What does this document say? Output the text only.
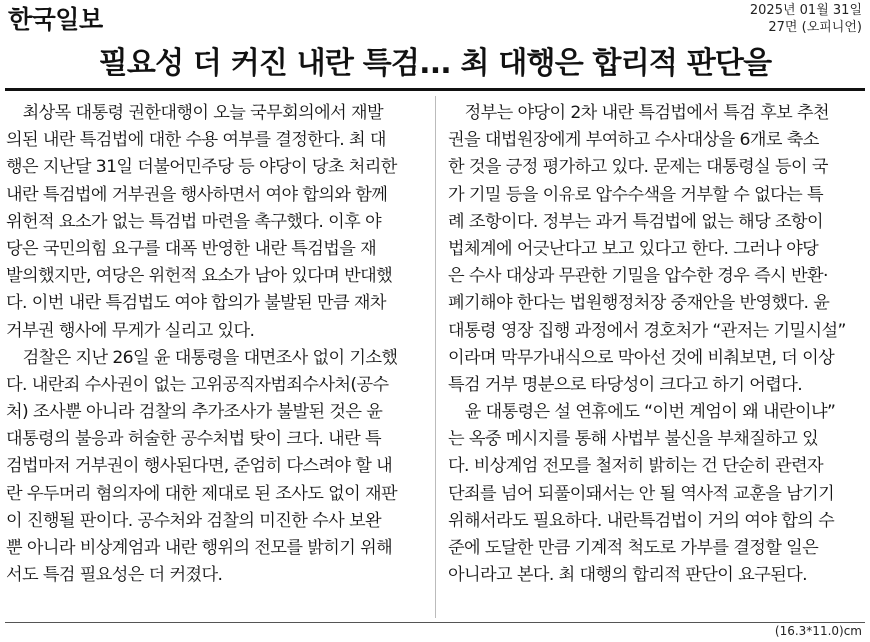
한국일보	2025년 01월 31일
27면 (오피니언)
필요성 더 커진 내란 특검... 최 대행은 합리적 판단을
　최상목 대통령 권한대행이 오늘 국무회의에서 재발
의된 내란 특검법에 대한 수용 여부를 결정한다. 최 대
행은 지난달 31일 더불어민주당 등 야당이 당초 처리한
내란 특검법에 거부권을 행사하면서 여야 합의와 함께
위헌적 요소가 없는 특검법 마련을 촉구했다. 이후 야
당은 국민의힘 요구를 대폭 반영한 내란 특검법을 재
발의했지만, 여당은 위헌적 요소가 남아 있다며 반대했
다. 이번 내란 특검법도 여야 합의가 불발된 만큼 재차
거부권 행사에 무게가 실리고 있다.
　검찰은 지난 26일 윤 대통령을 대면조사 없이 기소했
다. 내란죄 수사권이 없는 고위공직자범죄수사처(공수
처) 조사뿐 아니라 검찰의 추가조사가 불발된 것은 윤
대통령의 불응과 허술한 공수처법 탓이 크다. 내란 특
검법마저 거부권이 행사된다면, 준엄히 다스려야 할 내
란 우두머리 혐의자에 대한 제대로 된 조사도 없이 재판
이 진행될 판이다. 공수처와 검찰의 미진한 수사 보완
뿐 아니라 비상계엄과 내란 행위의 전모를 밝히기 위해
서도 특검 필요성은 더 커졌다.
　정부는 야당이 2차 내란 특검법에서 특검 후보 추천
권을 대법원장에게 부여하고 수사대상을 6개로 축소
한 것을 긍정 평가하고 있다. 문제는 대통령실 등이 국
가 기밀 등을 이유로 압수수색을 거부할 수 없다는 특
례 조항이다. 정부는 과거 특검법에 없는 해당 조항이
법체계에 어긋난다고 보고 있다고 한다. 그러나 야당
은 수사 대상과 무관한 기밀을 압수한 경우 즉시 반환·
폐기해야 한다는 법원행정처장 중재안을 반영했다. 윤
대통령 영장 집행 과정에서 경호처가 “관저는 기밀시설”
이라며 막무가내식으로 막아선 것에 비춰보면, 더 이상
특검 거부 명분으로 타당성이 크다고 하기 어렵다.
　윤 대통령은 설 연휴에도 “이번 계엄이 왜 내란이냐”
는 옥중 메시지를 통해 사법부 불신을 부채질하고 있
다. 비상계엄 전모를 철저히 밝히는 건 단순히 관련자
단죄를 넘어 되풀이돼서는 안 될 역사적 교훈을 남기기
위해서라도 필요하다. 내란특검법이 거의 여야 합의 수
준에 도달한 만큼 기계적 척도로 가부를 결정할 일은
아니라고 본다. 최 대행의 합리적 판단이 요구된다.
(16.3*11.0)cm
